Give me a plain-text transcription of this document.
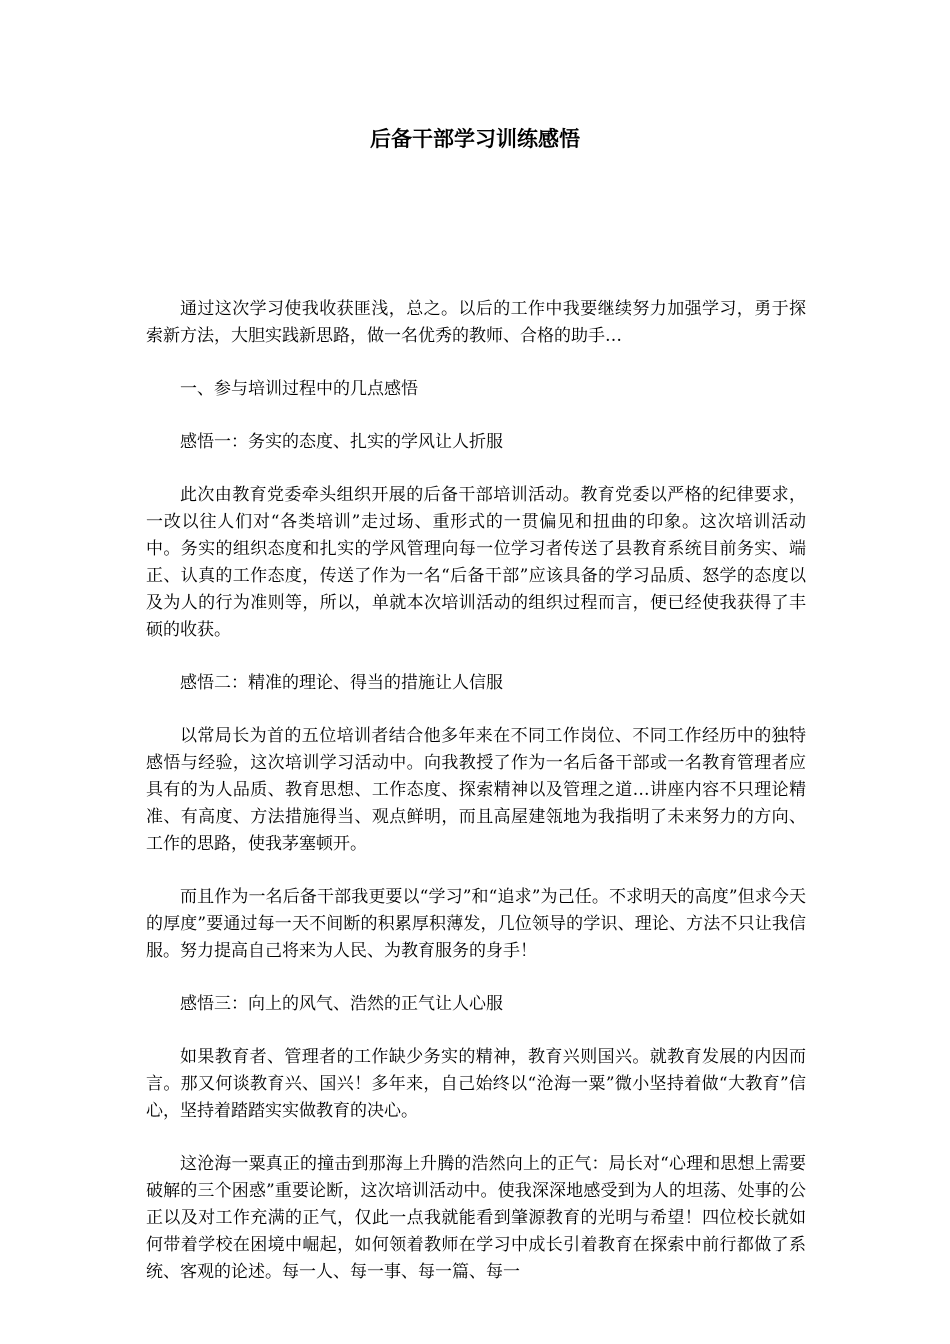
后备干部学习训练感悟

通过这次学习使我收获匪浅，总之。以后的工作中我要继续努力加强学习，勇于探索新方法，大胆实践新思路，做一名优秀的教师、合格的助手…

一、参与培训过程中的几点感悟

感悟一：务实的态度、扎实的学风让人折服

此次由教育党委牵头组织开展的后备干部培训活动。教育党委以严格的纪律要求，一改以往人们对“各类培训”走过场、重形式的一贯偏见和扭曲的印象。这次培训活动中。务实的组织态度和扎实的学风管理向每一位学习者传送了县教育系统目前务实、端正、认真的工作态度，传送了作为一名“后备干部”应该具备的学习品质、怒学的态度以及为人的行为准则等，所以，单就本次培训活动的组织过程而言，便已经使我获得了丰硕的收获。

感悟二：精准的理论、得当的措施让人信服

以常局长为首的五位培训者结合他多年来在不同工作岗位、不同工作经历中的独特感悟与经验，这次培训学习活动中。向我教授了作为一名后备干部或一名教育管理者应具有的为人品质、教育思想、工作态度、探索精神以及管理之道…讲座内容不只理论精准、有高度、方法措施得当、观点鲜明，而且高屋建瓴地为我指明了未来努力的方向、工作的思路，使我茅塞顿开。

而且作为一名后备干部我更要以“学习”和“追求”为己任。不求明天的高度”但求今天的厚度”要通过每一天不间断的积累厚积薄发，几位领导的学识、理论、方法不只让我信服。努力提高自己将来为人民、为教育服务的身手！

感悟三：向上的风气、浩然的正气让人心服

如果教育者、管理者的工作缺少务实的精神，教育兴则国兴。就教育发展的内因而言。那又何谈教育兴、国兴！多年来，自己始终以“沧海一粟”微小坚持着做“大教育”信心，坚持着踏踏实实做教育的决心。

这沧海一粟真正的撞击到那海上升腾的浩然向上的正气：局长对“心理和思想上需要破解的三个困惑”重要论断，这次培训活动中。使我深深地感受到为人的坦荡、处事的公正以及对工作充满的正气，仅此一点我就能看到肇源教育的光明与希望！四位校长就如何带着学校在困境中崛起，如何领着教师在学习中成长引着教育在探索中前行都做了系统、客观的论述。每一人、每一事、每一篇、每一
